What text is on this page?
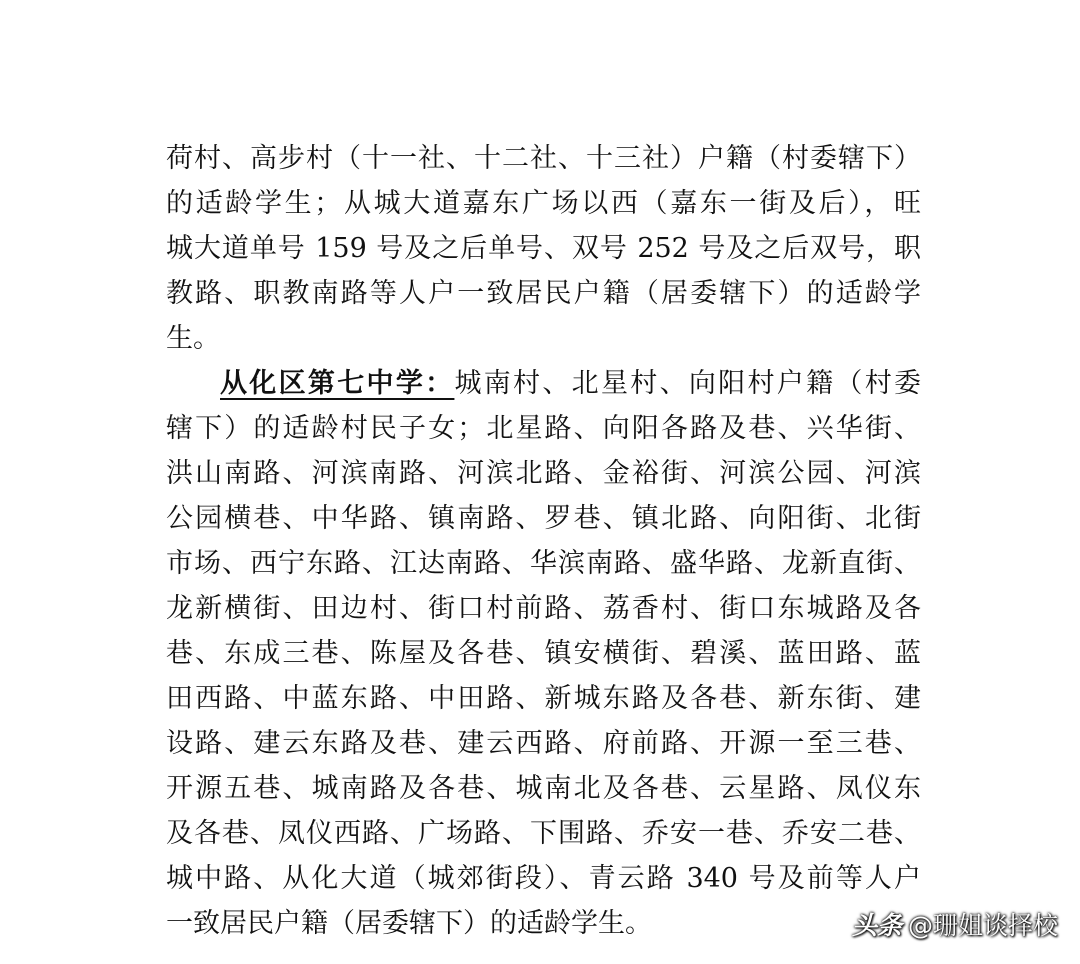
荷村、高步村（十一社、十二社、十三社）户籍（村委辖下）
的适龄学生；从城大道嘉东广场以西（嘉东一街及后），旺
城大道单号 159 号及之后单号、双号 252 号及之后双号，职
教路、职教南路等人户一致居民户籍（居委辖下）的适龄学
生。
从化区第七中学：城南村、北星村、向阳村户籍（村委
辖下）的适龄村民子女；北星路、向阳各路及巷、兴华街、
洪山南路、河滨南路、河滨北路、金裕街、河滨公园、河滨
公园横巷、中华路、镇南路、罗巷、镇北路、向阳街、北街
市场、西宁东路、江达南路、华滨南路、盛华路、龙新直街、
龙新横街、田边村、街口村前路、荔香村、街口东城路及各
巷、东成三巷、陈屋及各巷、镇安横街、碧溪、蓝田路、蓝
田西路、中蓝东路、中田路、新城东路及各巷、新东街、建
设路、建云东路及巷、建云西路、府前路、开源一至三巷、
开源五巷、城南路及各巷、城南北及各巷、云星路、凤仪东
及各巷、凤仪西路、广场路、下围路、乔安一巷、乔安二巷、
城中路、从化大道（城郊街段）、青云路 340 号及前等人户
一致居民户籍（居委辖下）的适龄学生。	头条 @珊姐谈择校
